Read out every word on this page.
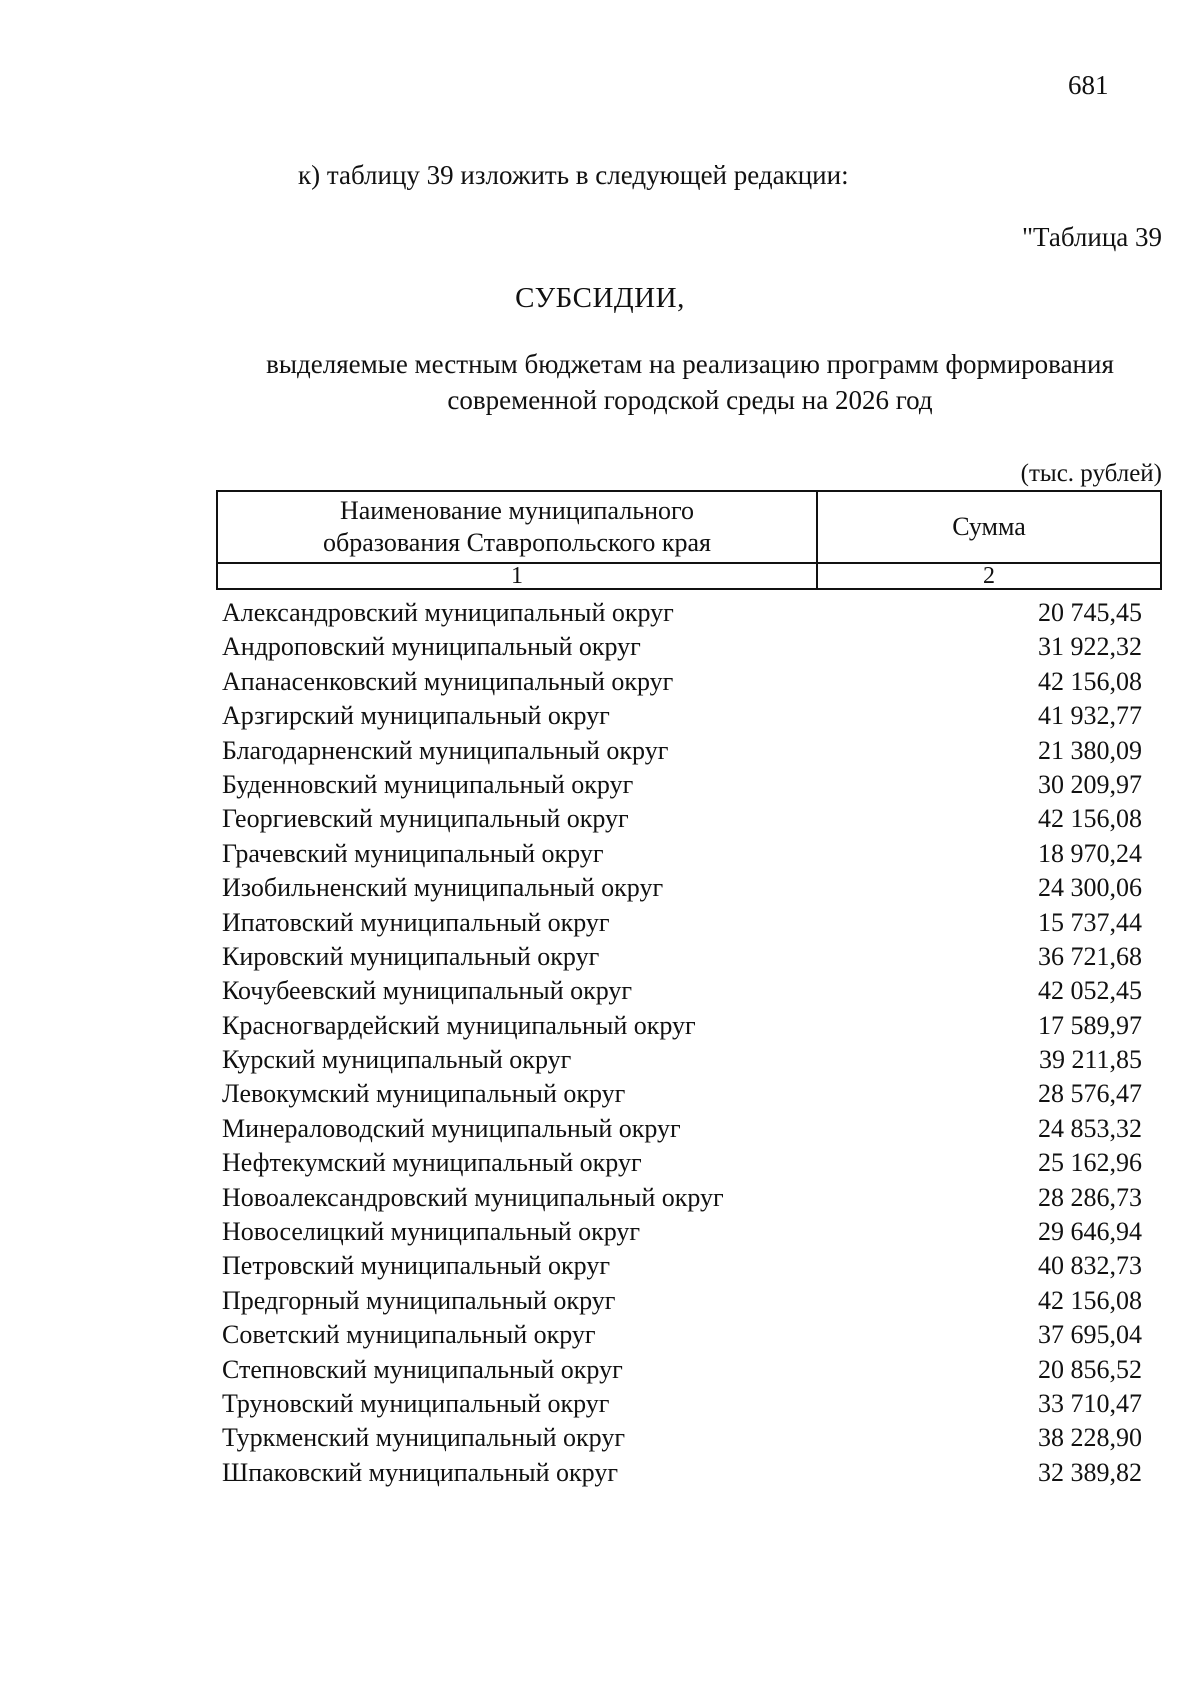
681
к) таблицу 39 изложить в следующей редакции:
"Таблица 39
СУБСИДИИ,
выделяемые местным бюджетам на реализацию программ формирования
современной городской среды на 2026 год
(тыс. рублей)
Наименование муниципального
образования Ставропольского края	Сумма
1	2
Александровский муниципальный округ	20 745,45
Андроповский муниципальный округ	31 922,32
Апанасенковский муниципальный округ	42 156,08
Арзгирский муниципальный округ	41 932,77
Благодарненский муниципальный округ	21 380,09
Буденновский муниципальный округ	30 209,97
Георгиевский муниципальный округ	42 156,08
Грачевский муниципальный округ	18 970,24
Изобильненский муниципальный округ	24 300,06
Ипатовский муниципальный округ	15 737,44
Кировский муниципальный округ	36 721,68
Кочубеевский муниципальный округ	42 052,45
Красногвардейский муниципальный округ	17 589,97
Курский муниципальный округ	39 211,85
Левокумский муниципальный округ	28 576,47
Минераловодский муниципальный округ	24 853,32
Нефтекумский муниципальный округ	25 162,96
Новоалександровский муниципальный округ	28 286,73
Новоселицкий муниципальный округ	29 646,94
Петровский муниципальный округ	40 832,73
Предгорный муниципальный округ	42 156,08
Советский муниципальный округ	37 695,04
Степновский муниципальный округ	20 856,52
Труновский муниципальный округ	33 710,47
Туркменский муниципальный округ	38 228,90
Шпаковский муниципальный округ	32 389,82
